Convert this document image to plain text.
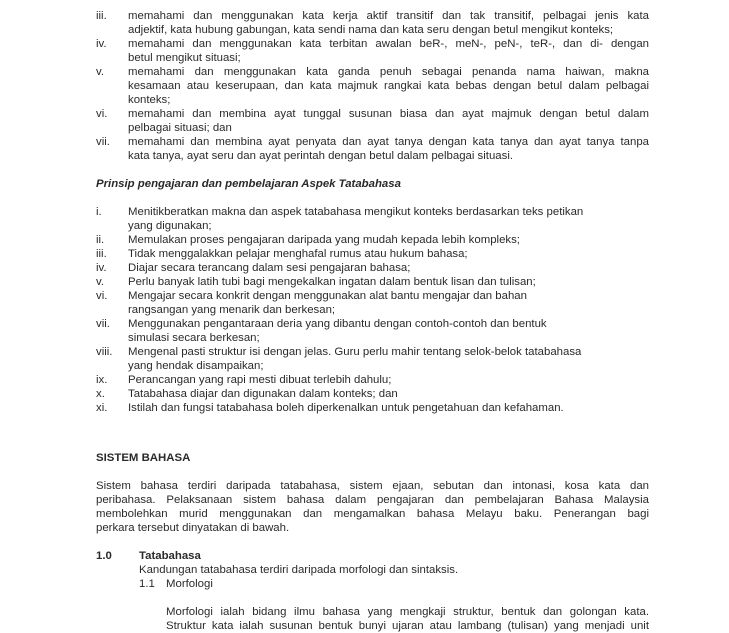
iii. memahami dan menggunakan kata kerja aktif transitif dan tak transitif, pelbagai jenis kata
adjektif, kata hubung gabungan, kata sendi nama dan kata seru dengan betul mengikut konteks;
iv. memahami dan menggunakan kata terbitan awalan beR-, meN-, peN-, teR-, dan di- dengan
betul mengikut situasi;
v. memahami dan menggunakan kata ganda penuh sebagai penanda nama haiwan, makna
kesamaan atau keserupaan, dan kata majmuk rangkai kata bebas dengan betul dalam pelbagai
konteks;
vi. memahami dan membina ayat tunggal susunan biasa dan ayat majmuk dengan betul dalam
pelbagai situasi; dan
vii. memahami dan membina ayat penyata dan ayat tanya dengan kata tanya dan ayat tanya tanpa
kata tanya, ayat seru dan ayat perintah dengan betul dalam pelbagai situasi.
Prinsip pengajaran dan pembelajaran Aspek Tatabahasa
i. Menitikberatkan makna dan aspek tatabahasa mengikut konteks berdasarkan teks petikan
yang digunakan;
ii. Memulakan proses pengajaran daripada yang mudah kepada lebih kompleks;
iii. Tidak menggalakkan pelajar menghafal rumus atau hukum bahasa;
iv. Diajar secara terancang dalam sesi pengajaran bahasa;
v. Perlu banyak latih tubi bagi mengekalkan ingatan dalam bentuk lisan dan tulisan;
vi. Mengajar secara konkrit dengan menggunakan alat bantu mengajar dan bahan
rangsangan yang menarik dan berkesan;
vii. Menggunakan pengantaraan deria yang dibantu dengan contoh-contoh dan bentuk
simulasi secara berkesan;
viii. Mengenal pasti struktur isi dengan jelas. Guru perlu mahir tentang selok-belok tatabahasa
yang hendak disampaikan;
ix. Perancangan yang rapi mesti dibuat terlebih dahulu;
x. Tatabahasa diajar dan digunakan dalam konteks; dan
xi. Istilah dan fungsi tatabahasa boleh diperkenalkan untuk pengetahuan dan kefahaman.
SISTEM BAHASA
Sistem bahasa terdiri daripada tatabahasa, sistem ejaan, sebutan dan intonasi, kosa kata dan
peribahasa. Pelaksanaan sistem bahasa dalam pengajaran dan pembelajaran Bahasa Malaysia
membolehkan murid menggunakan dan mengamalkan bahasa Melayu baku. Penerangan bagi
perkara tersebut dinyatakan di bawah.
1.0 Tatabahasa
Kandungan tatabahasa terdiri daripada morfologi dan sintaksis.
1.1 Morfologi
Morfologi ialah bidang ilmu bahasa yang mengkaji struktur, bentuk dan golongan kata.
Struktur kata ialah susunan bentuk bunyi ujaran atau lambang (tulisan) yang menjadi unit
